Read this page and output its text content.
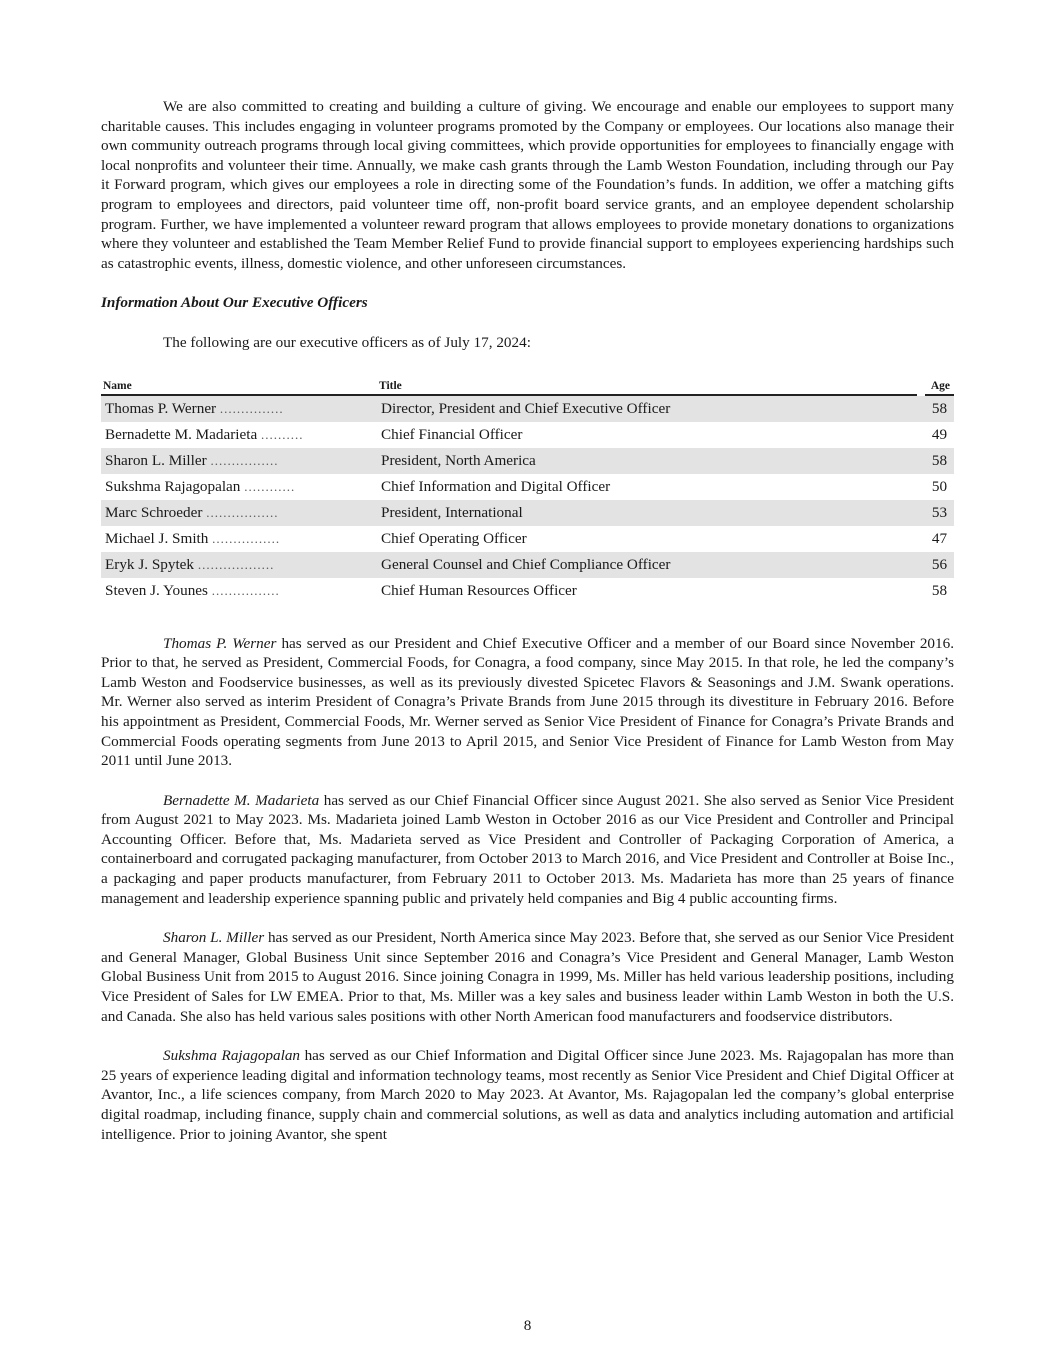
We are also committed to creating and building a culture of giving. We encourage and enable our employees to support many charitable causes. This includes engaging in volunteer programs promoted by the Company or employees. Our locations also manage their own community outreach programs through local giving committees, which provide opportunities for employees to financially engage with local nonprofits and volunteer their time. Annually, we make cash grants through the Lamb Weston Foundation, including through our Pay it Forward program, which gives our employees a role in directing some of the Foundation’s funds. In addition, we offer a matching gifts program to employees and directors, paid volunteer time off, non-profit board service grants, and an employee dependent scholarship program. Further, we have implemented a volunteer reward program that allows employees to provide monetary donations to organizations where they volunteer and established the Team Member Relief Fund to provide financial support to employees experiencing hardships such as catastrophic events, illness, domestic violence, and other unforeseen circumstances.

Information About Our Executive Officers

The following are our executive officers as of July 17, 2024:

Name	Title		Age
Thomas P. Werner ...............	Director, President and Chief Executive Officer		58
Bernadette M. Madarieta ..........	Chief Financial Officer		49
Sharon L. Miller ................	President, North America		58
Sukshma Rajagopalan ............	Chief Information and Digital Officer		50
Marc Schroeder .................	President, International		53
Michael J. Smith ................	Chief Operating Officer		47
Eryk J. Spytek ..................	General Counsel and Chief Compliance Officer		56
Steven J. Younes ................	Chief Human Resources Officer		58

Thomas P. Werner has served as our President and Chief Executive Officer and a member of our Board since November 2016. Prior to that, he served as President, Commercial Foods, for Conagra, a food company, since May 2015. In that role, he led the company’s Lamb Weston and Foodservice businesses, as well as its previously divested Spicetec Flavors & Seasonings and J.M. Swank operations. Mr. Werner also served as interim President of Conagra’s Private Brands from June 2015 through its divestiture in February 2016. Before his appointment as President, Commercial Foods, Mr. Werner served as Senior Vice President of Finance for Conagra’s Private Brands and Commercial Foods operating segments from June 2013 to April 2015, and Senior Vice President of Finance for Lamb Weston from May 2011 until June 2013.

Bernadette M. Madarieta has served as our Chief Financial Officer since August 2021. She also served as Senior Vice President from August 2021 to May 2023. Ms. Madarieta joined Lamb Weston in October 2016 as our Vice President and Controller and Principal Accounting Officer. Before that, Ms. Madarieta served as Vice President and Controller of Packaging Corporation of America, a containerboard and corrugated packaging manufacturer, from October 2013 to March 2016, and Vice President and Controller at Boise Inc., a packaging and paper products manufacturer, from February 2011 to October 2013. Ms. Madarieta has more than 25 years of finance management and leadership experience spanning public and privately held companies and Big 4 public accounting firms.

Sharon L. Miller has served as our President, North America since May 2023. Before that, she served as our Senior Vice President and General Manager, Global Business Unit since September 2016 and Conagra’s Vice President and General Manager, Lamb Weston Global Business Unit from 2015 to August 2016. Since joining Conagra in 1999, Ms. Miller has held various leadership positions, including Vice President of Sales for LW EMEA. Prior to that, Ms. Miller was a key sales and business leader within Lamb Weston in both the U.S. and Canada. She also has held various sales positions with other North American food manufacturers and foodservice distributors.

Sukshma Rajagopalan has served as our Chief Information and Digital Officer since June 2023. Ms. Rajagopalan has more than 25 years of experience leading digital and information technology teams, most recently as Senior Vice President and Chief Digital Officer at Avantor, Inc., a life sciences company, from March 2020 to May 2023. At Avantor, Ms. Rajagopalan led the company’s global enterprise digital roadmap, including finance, supply chain and commercial solutions, as well as data and analytics including automation and artificial intelligence. Prior to joining Avantor, she spent

8
